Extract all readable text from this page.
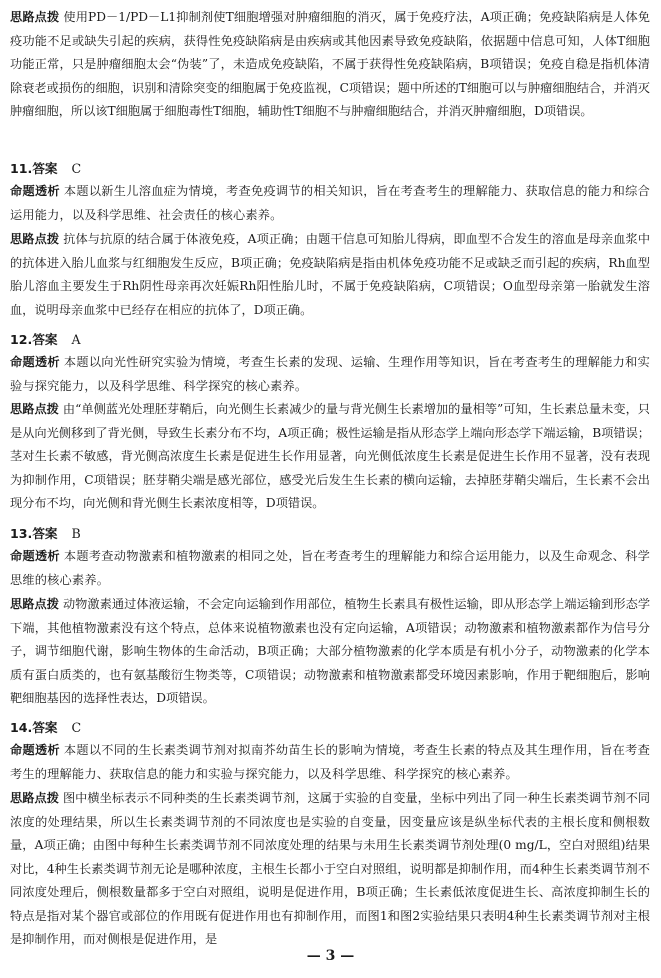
思路点拨 使用PD－1/PD－L1抑制剂使T细胞增强对肿瘤细胞的消灭，属于免疫疗法，A项正确；免疫缺陷病是人体免疫功能不足或缺失引起的疾病，获得性免疫缺陷病是由疾病或其他因素导致免疫缺陷，依据题中信息可知，人体T细胞功能正常，只是肿瘤细胞太会“伪装”了，未造成免疫缺陷，不属于获得性免疫缺陷病，B项错误；免疫自稳是指机体清除衰老或损伤的细胞，识别和清除突变的细胞属于免疫监视，C项错误；题中所述的T细胞可以与肿瘤细胞结合，并消灭肿瘤细胞，所以该T细胞属于细胞毒性T细胞，辅助性T细胞不与肿瘤细胞结合，并消灭肿瘤细胞，D项错误。

11.答案 C

命题透析 本题以新生儿溶血症为情境，考查免疫调节的相关知识，旨在考查考生的理解能力、获取信息的能力和综合运用能力，以及科学思维、社会责任的核心素养。

思路点拨 抗体与抗原的结合属于体液免疫，A项正确；由题干信息可知胎儿得病，即血型不合发生的溶血是母亲血浆中的抗体进入胎儿血浆与红细胞发生反应，B项正确；免疫缺陷病是指由机体免疫功能不足或缺乏而引起的疾病，Rh血型胎儿溶血主要发生于Rh阴性母亲再次妊娠Rh阳性胎儿时，不属于免疫缺陷病，C项错误；O血型母亲第一胎就发生溶血，说明母亲血浆中已经存在相应的抗体了，D项正确。

12.答案 A

命题透析 本题以向光性研究实验为情境，考查生长素的发现、运输、生理作用等知识，旨在考查考生的理解能力和实验与探究能力，以及科学思维、科学探究的核心素养。

思路点拨 由“单侧蓝光处理胚芽鞘后，向光侧生长素减少的量与背光侧生长素增加的量相等”可知，生长素总量未变，只是从向光侧移到了背光侧，导致生长素分布不均，A项正确；极性运输是指从形态学上端向形态学下端运输，B项错误；茎对生长素不敏感，背光侧高浓度生长素是促进生长作用显著，向光侧低浓度生长素是促进生长作用不显著，没有表现为抑制作用，C项错误；胚芽鞘尖端是感光部位，感受光后发生生长素的横向运输，去掉胚芽鞘尖端后，生长素不会出现分布不均，向光侧和背光侧生长素浓度相等，D项错误。

13.答案 B

命题透析 本题考查动物激素和植物激素的相同之处，旨在考查考生的理解能力和综合运用能力，以及生命观念、科学思维的核心素养。

思路点拨 动物激素通过体液运输，不会定向运输到作用部位，植物生长素具有极性运输，即从形态学上端运输到形态学下端，其他植物激素没有这个特点，总体来说植物激素也没有定向运输，A项错误；动物激素和植物激素都作为信号分子，调节细胞代谢，影响生物体的生命活动，B项正确；大部分植物激素的化学本质是有机小分子，动物激素的化学本质有蛋白质类的，也有氨基酸衍生物类等，C项错误；动物激素和植物激素都受环境因素影响，作用于靶细胞后，影响靶细胞基因的选择性表达，D项错误。

14.答案 C

命题透析 本题以不同的生长素类调节剂对拟南芥幼苗生长的影响为情境，考查生长素的特点及其生理作用，旨在考查考生的理解能力、获取信息的能力和实验与探究能力，以及科学思维、科学探究的核心素养。

思路点拨 图中横坐标表示不同种类的生长素类调节剂，这属于实验的自变量，坐标中列出了同一种生长素类调节剂不同浓度的处理结果，所以生长素类调节剂的不同浓度也是实验的自变量，因变量应该是纵坐标代表的主根长度和侧根数量，A项正确；由图中每种生长素类调节剂不同浓度处理的结果与未用生长素类调节剂处理(0 mg/L，空白对照组)结果对比，4种生长素类调节剂无论是哪种浓度，主根生长都小于空白对照组，说明都是抑制作用，而4种生长素类调节剂不同浓度处理后，侧根数量都多于空白对照组，说明是促进作用，B项正确；生长素低浓度促进生长、高浓度抑制生长的特点是指对某个器官或部位的作用既有促进作用也有抑制作用，而图1和图2实验结果只表明4种生长素类调节剂对主根是抑制作用，而对侧根是促进作用，是

— 3 —
